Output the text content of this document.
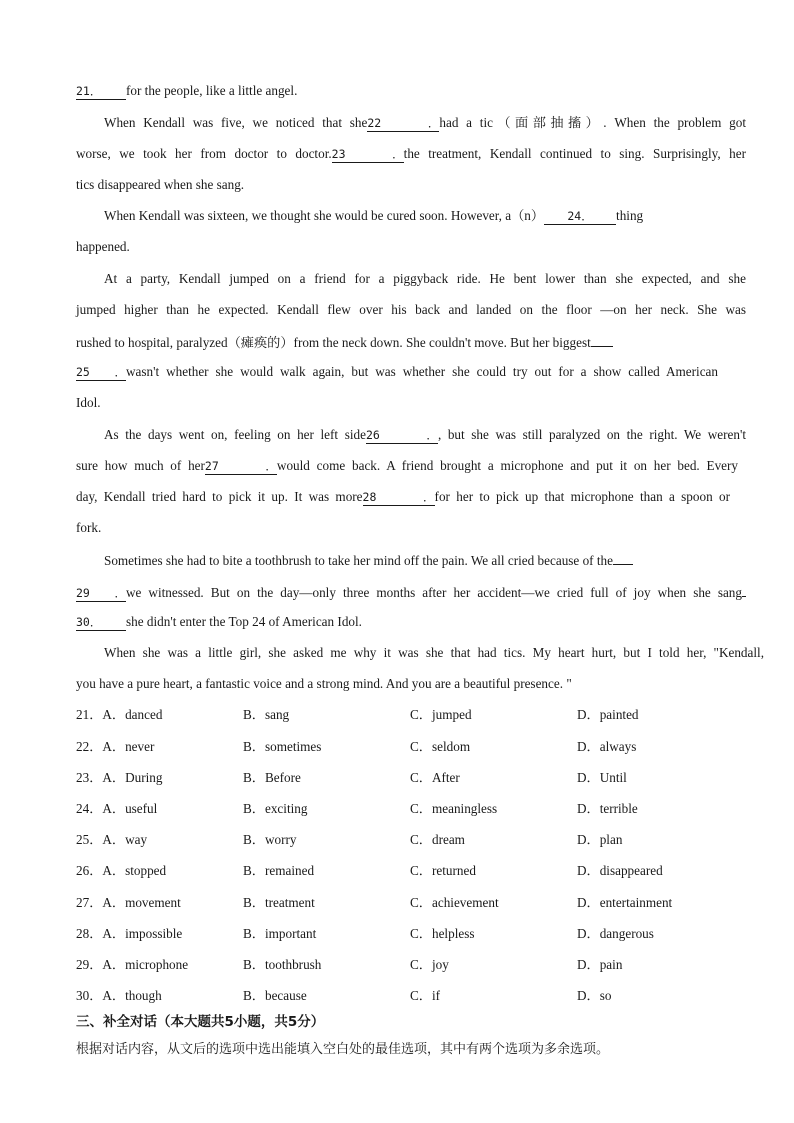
21． for the people, like a little angel.
When Kendall was five, we noticed that she22．had a tic（面部抽搐）. When the problem got
worse, we took her from doctor to doctor.23．the treatment, Kendall continued to sing. Surprisingly, her
tics disappeared when she sang.
When Kendall was sixteen, we thought she would be cured soon. However, a（n） 24． thing
happened.
At a party, Kendall jumped on a friend for a piggyback ride. He bent lower than she expected, and she
jumped higher than he expected. Kendall flew over his back and landed on the floor —on her neck. She was
rushed to hospital, paralyzed（瘫痪的）from the neck down. She couldn't move. But her biggest
25．wasn't whether she would walk again, but was whether she could try out for a show called American
Idol.
As the days went on, feeling on her left side26．, but she was still paralyzed on the right. We weren't
sure how much of her27．would come back. A friend brought a microphone and put it on her bed. Every
day, Kendall tried hard to pick it up. It was more28．for her to pick up that microphone than a spoon or
fork.
Sometimes she had to bite a toothbrush to take her mind off the pain. We all cried because of the
29．we witnessed. But on the day—only three months after her accident—we cried full of joy when she sang
30． she didn't enter the Top 24 of American Idol.
When she was a little girl, she asked me why it was she that had tics. My heart hurt, but I told her, "Kendall,
you have a pure heart, a fantastic voice and a strong mind. And you are a beautiful presence. "
21．A．danced	B．sang	C．jumped	D．painted
22．A．never	B．sometimes	C．seldom	D．always
23．A．During	B．Before	C．After	D．Until
24．A．useful	B．exciting	C．meaningless	D．terrible
25．A．way	B．worry	C．dream	D．plan
26．A．stopped	B．remained	C．returned	D．disappeared
27．A．movement	B．treatment	C．achievement	D．entertainment
28．A．impossible	B．important	C．helpless	D．dangerous
29．A．microphone	B．toothbrush	C．joy	D．pain
30．A．though	B．because	C．if	D．so
三、补全对话（本大题共5小题，共5分）
根据对话内容，从文后的选项中选出能填入空白处的最佳选项，其中有两个选项为多余选项。
